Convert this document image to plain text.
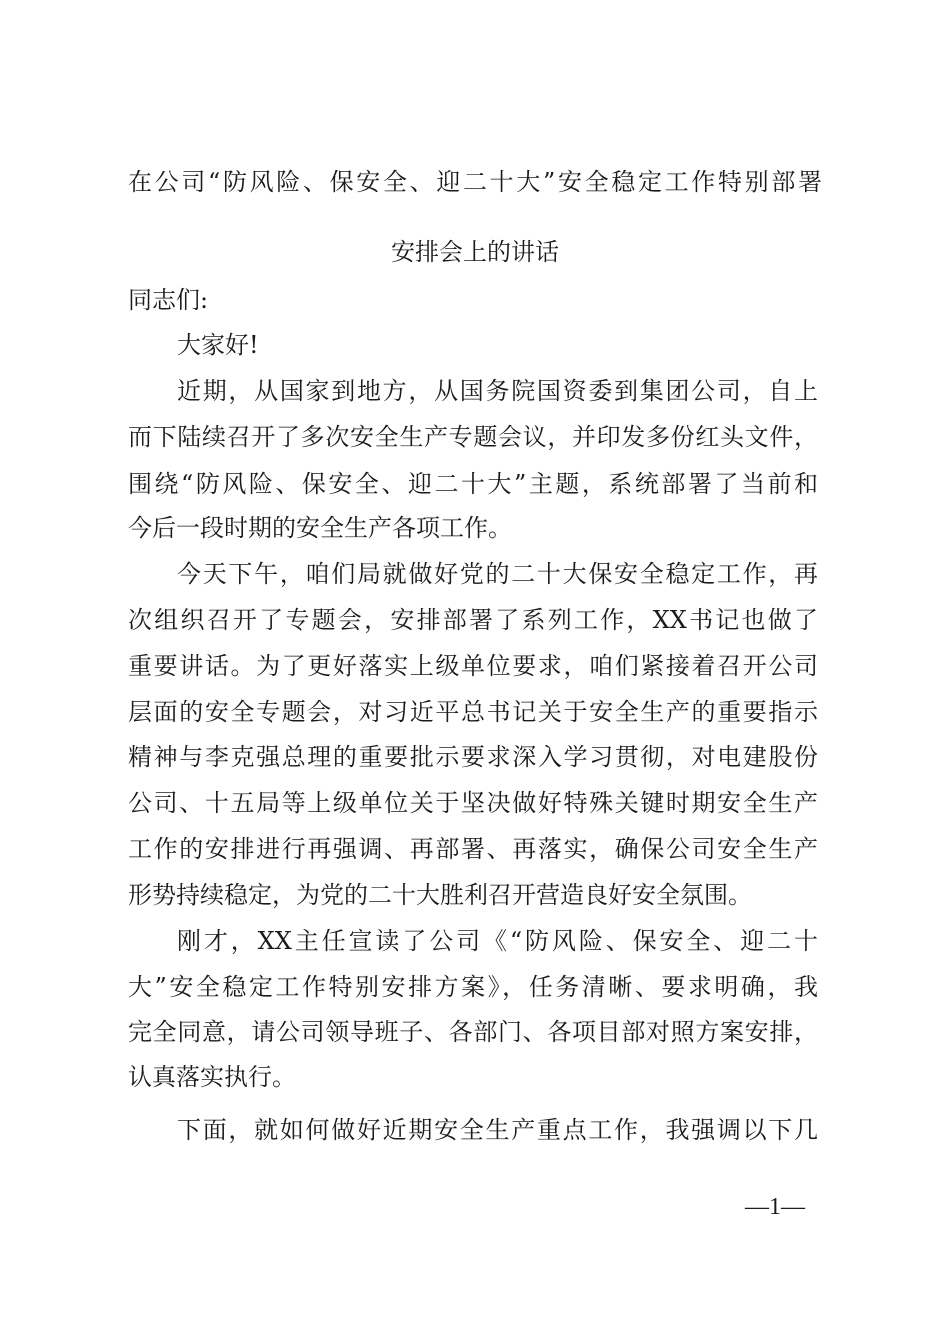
在公司“防风险、保安全、迎二十大”安全稳定工作特别部署
安排会上的讲话
同志们:
大家好!
近期，从国家到地方，从国务院国资委到集团公司，自上
而下陆续召开了多次安全生产专题会议，并印发多份红头文件，
围绕“防风险、保安全、迎二十大”主题，系统部署了当前和
今后一段时期的安全生产各项工作。
今天下午，咱们局就做好党的二十大保安全稳定工作，再
次组织召开了专题会，安排部署了系列工作，XX书记也做了
重要讲话。为了更好落实上级单位要求，咱们紧接着召开公司
层面的安全专题会，对习近平总书记关于安全生产的重要指示
精神与李克强总理的重要批示要求深入学习贯彻，对电建股份
公司、十五局等上级单位关于坚决做好特殊关键时期安全生产
工作的安排进行再强调、再部署、再落实，确保公司安全生产
形势持续稳定，为党的二十大胜利召开营造良好安全氛围。
刚才，XX主任宣读了公司《“防风险、保安全、迎二十
大”安全稳定工作特别安排方案》，任务清晰、要求明确，我
完全同意，请公司领导班子、各部门、各项目部对照方案安排，
认真落实执行。
下面，就如何做好近期安全生产重点工作，我强调以下几
—1—
